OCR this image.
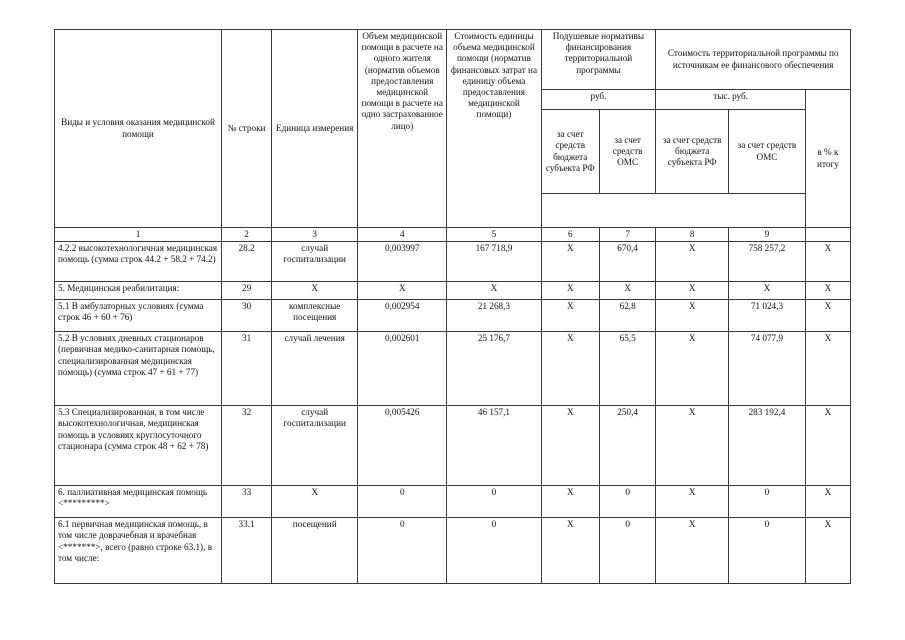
Виды и условия оказания медицинской помощи	№ строки	Единица измерения	Объем медицинской помощи в расчете на одного жителя (норматив объемов предоставления медицинской помощи в расчете на одно застрахованное лицо)	Стоимость единицы объема медицинской помощи (норматив финансовых затрат на единицу объема предоставления медицинской помощи)	Подушевые нормативы финансирования территориальной программы		Стоимость территориальной программы по источникам ее финансового обеспечения		
					руб.		тыс. руб.		в % к итогу
					за счет средств бюджета субъекта РФ	за счет средств ОМС	за счет средств бюджета субъекта РФ	за счет средств ОМС	

1	2	3	4	5	6	7	8	9	
4.2.2 высокотехнологичная медицинская помощь (сумма строк 44.2 + 58.2 + 74.2)	28.2	случай госпитализации	0,003997	167 718,9	Х	670,4	Х	758 257,2	Х
5. Медицинская реабилитация:	29	Х	Х	Х	Х	Х	Х	Х	Х
5.1 В амбулаторных условиях (сумма строк 46 + 60 + 76)	30	комплексные посещения	0,002954	21 268,3	Х	62,8	Х	71 024,3	Х
5.2 В условиях дневных стационаров (первичная медико-санитарная помощь, специализированная медицинская помощь) (сумма строк 47 + 61 + 77)	31	случай лечения	0,002601	25 176,7	Х	65,5	Х	74 077,9	Х
5.3 Специализированная, в том числе высокотехнологичная, медицинская помощь в условиях круглосуточного стационара (сумма строк 48 + 62 + 78)	32	случай госпитализации	0,005426	46 157,1	Х	250,4	Х	283 192,4	Х
6. паллиативная медицинская помощь <*********>	33	Х	0	0	Х	0	Х	0	Х
6.1 первичная медицинская помощь, в том числе доврачебная и врачебная <*******>, всего (равно строке 63.1), в том числе:	33.1	посещений	0	0	Х	0	Х	0	Х
